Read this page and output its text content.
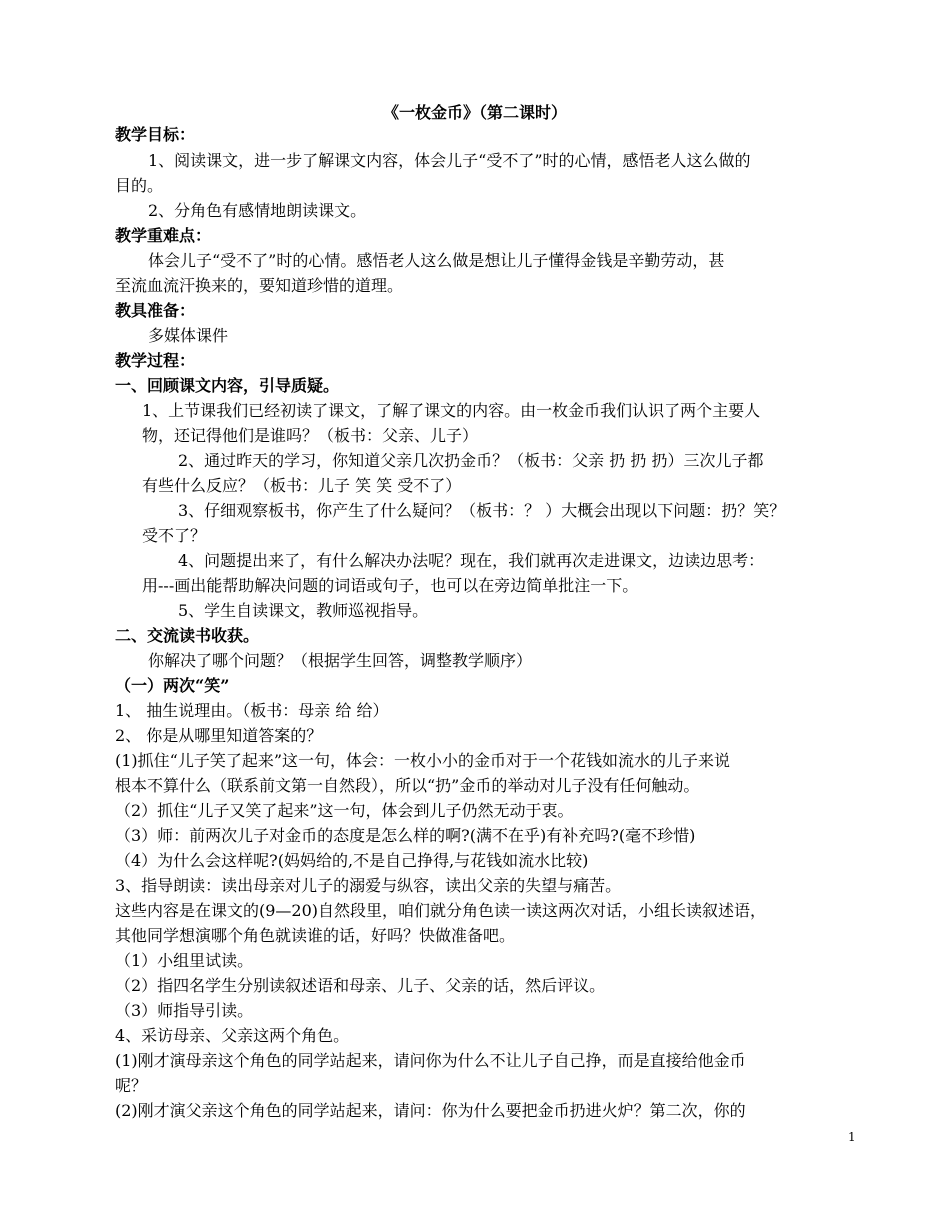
《一枚金币》（第二课时）
教学目标：
1、阅读课文，进一步了解课文内容，体会儿子“受不了”时的心情，感悟老人这么做的
目的。
2、分角色有感情地朗读课文。
教学重难点：
体会儿子“受不了”时的心情。感悟老人这么做是想让儿子懂得金钱是辛勤劳动，甚
至流血流汗换来的，要知道珍惜的道理。
教具准备：
多媒体课件
教学过程：
一、回顾课文内容，引导质疑。
1、上节课我们已经初读了课文，了解了课文的内容。由一枚金币我们认识了两个主要人
物，还记得他们是谁吗？（板书：父亲、儿子）
2、通过昨天的学习，你知道父亲几次扔金币？（板书：父亲 扔 扔 扔）三次儿子都
有些什么反应？（板书：儿子 笑 笑 受不了）
3、仔细观察板书，你产生了什么疑问？（板书：？ ）大概会出现以下问题：扔？笑？
受不了？
4、问题提出来了，有什么解决办法呢？现在，我们就再次走进课文，边读边思考：
用---画出能帮助解决问题的词语或句子，也可以在旁边简单批注一下。
5、学生自读课文，教师巡视指导。
二、交流读书收获。
你解决了哪个问题？（根据学生回答，调整教学顺序）
（一）两次“笑”
1、 抽生说理由。（板书：母亲 给 给）
2、 你是从哪里知道答案的？
(1)抓住“儿子笑了起来”这一句，体会：一枚小小的金币对于一个花钱如流水的儿子来说
根本不算什么（联系前文第一自然段），所以“扔”金币的举动对儿子没有任何触动。
（2）抓住“儿子又笑了起来”这一句，体会到儿子仍然无动于衷。
（3）师：前两次儿子对金币的态度是怎么样的啊?(满不在乎)有补充吗?(毫不珍惜)
（4）为什么会这样呢?(妈妈给的,不是自己挣得,与花钱如流水比较)
3、指导朗读：读出母亲对儿子的溺爱与纵容，读出父亲的失望与痛苦。
这些内容是在课文的(9—20)自然段里，咱们就分角色读一读这两次对话，小组长读叙述语，
其他同学想演哪个角色就读谁的话，好吗？快做准备吧。
（1）小组里试读。
（2）指四名学生分别读叙述语和母亲、儿子、父亲的话，然后评议。
（3）师指导引读。
4、采访母亲、父亲这两个角色。
(1)刚才演母亲这个角色的同学站起来，请问你为什么不让儿子自己挣，而是直接给他金币
呢？
(2)刚才演父亲这个角色的同学站起来，请问：你为什么要把金币扔进火炉？第二次，你的
1
